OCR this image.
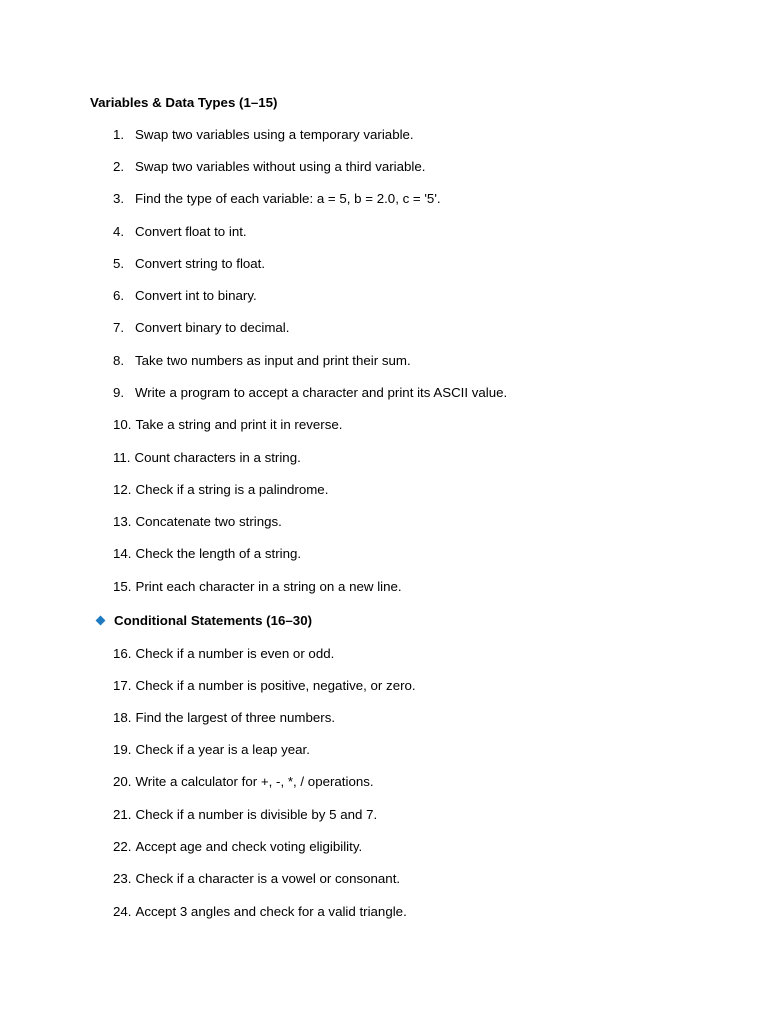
Variables & Data Types (1–15)
1. Swap two variables using a temporary variable.
2. Swap two variables without using a third variable.
3. Find the type of each variable: a = 5, b = 2.0, c = '5'.
4. Convert float to int.
5. Convert string to float.
6. Convert int to binary.
7. Convert binary to decimal.
8. Take two numbers as input and print their sum.
9. Write a program to accept a character and print its ASCII value.
10. Take a string and print it in reverse.
11. Count characters in a string.
12. Check if a string is a palindrome.
13. Concatenate two strings.
14. Check the length of a string.
15. Print each character in a string on a new line.
Conditional Statements (16–30)
16. Check if a number is even or odd.
17. Check if a number is positive, negative, or zero.
18. Find the largest of three numbers.
19. Check if a year is a leap year.
20. Write a calculator for +, -, *, / operations.
21. Check if a number is divisible by 5 and 7.
22. Accept age and check voting eligibility.
23. Check if a character is a vowel or consonant.
24. Accept 3 angles and check for a valid triangle.
